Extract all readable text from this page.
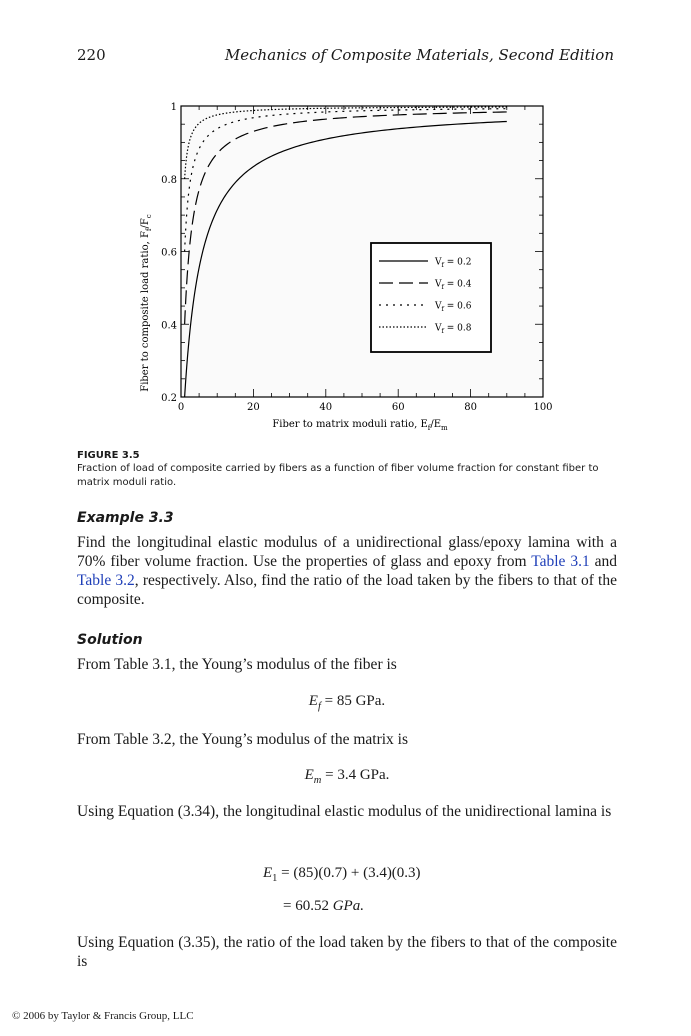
220	Mechanics of Composite Materials, Second Edition
0	20	40	60	80	100
0.2
0.4
0.6
0.8
1
Fiber to matrix moduli ratio, $E_f/E_m$
Fiber to composite load ratio, $F_f/F_c$
$V_f = 0.2$
$V_f = 0.4$
$V_f = 0.6$
$V_f = 0.8$
FIGURE 3.5
Fraction of load of composite carried by fibers as a function of fiber volume fraction for constant fiber to matrix moduli ratio.
Example 3.3
Find the longitudinal elastic modulus of a unidirectional glass/epoxy lamina with a 70% fiber volume fraction. Use the properties of glass and epoxy from Table 3.1 and Table 3.2, respectively. Also, find the ratio of the load taken by the fibers to that of the composite.
Solution
From Table 3.1, the Young’s modulus of the fiber is
$E_f = 85$ GPa.
From Table 3.2, the Young’s modulus of the matrix is
$E_m = 3.4$ GPa.
Using Equation (3.34), the longitudinal elastic modulus of the unidirectional lamina is
$E_1 = (85)(0.7) + (3.4)(0.3)$
= 60.52 GPa.
Using Equation (3.35), the ratio of the load taken by the fibers to that of the composite is
© 2006 by Taylor & Francis Group, LLC
